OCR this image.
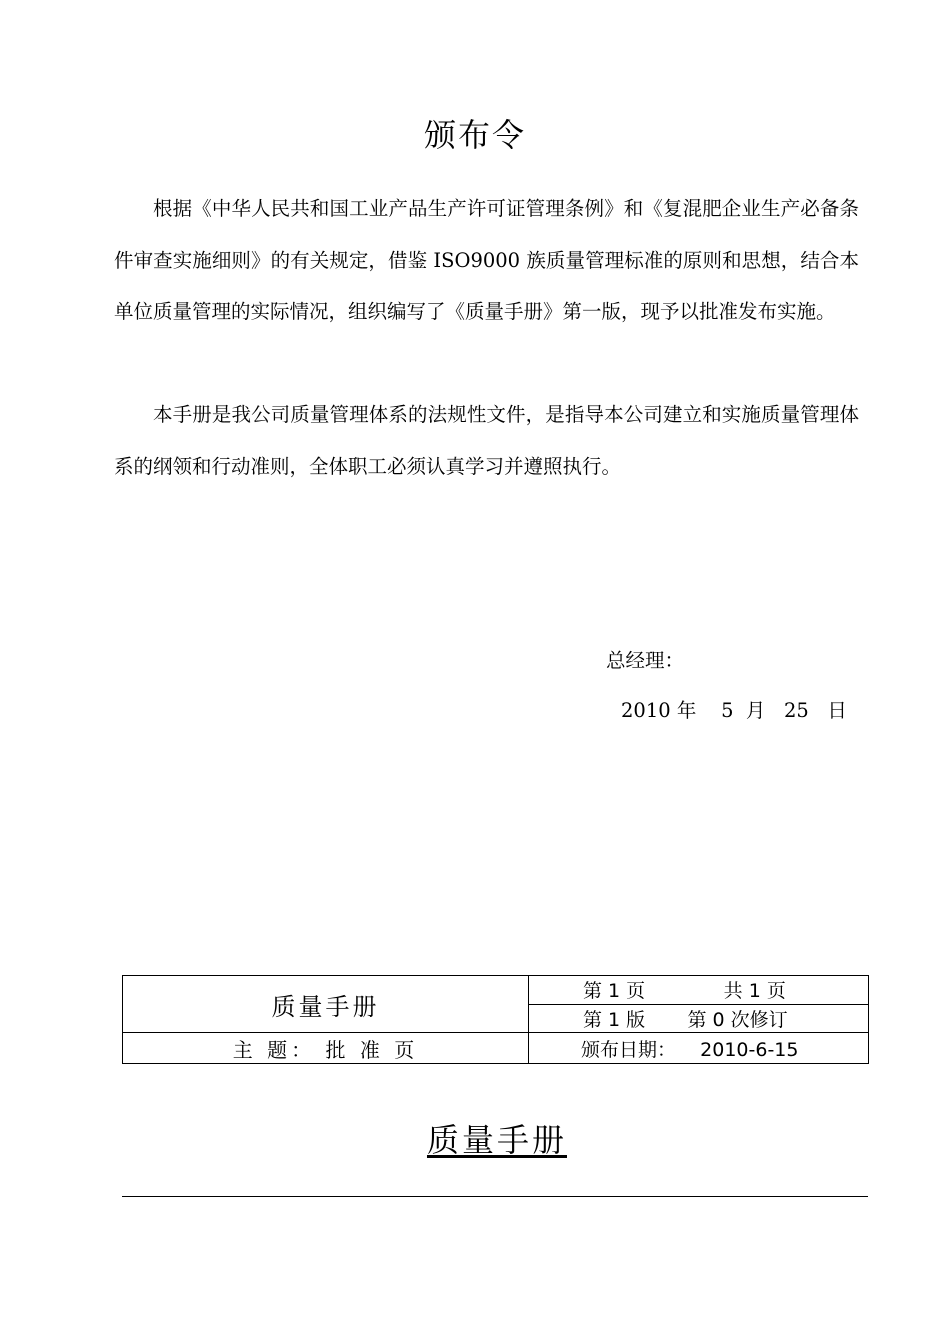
颁布令

根据《中华人民共和国工业产品生产许可证管理条例》和《复混肥企业生产必备条件审查实施细则》的有关规定，借鉴 ISO9000 族质量管理标准的原则和思想，结合本单位质量管理的实际情况，组织编写了《质量手册》第一版，现予以批准发布实施。

本手册是我公司质量管理体系的法规性文件，是指导本公司建立和实施质量管理体系的纲领和行动准则，全体职工必须认真学习并遵照执行。

总经理：
2010 年    5  月   25   日
质量手册	第 1 页             共 1 页
	第 1 版       第 0 次修订
主 题： 批 准 页	颁布日期：    2010-6-15
质量手册
